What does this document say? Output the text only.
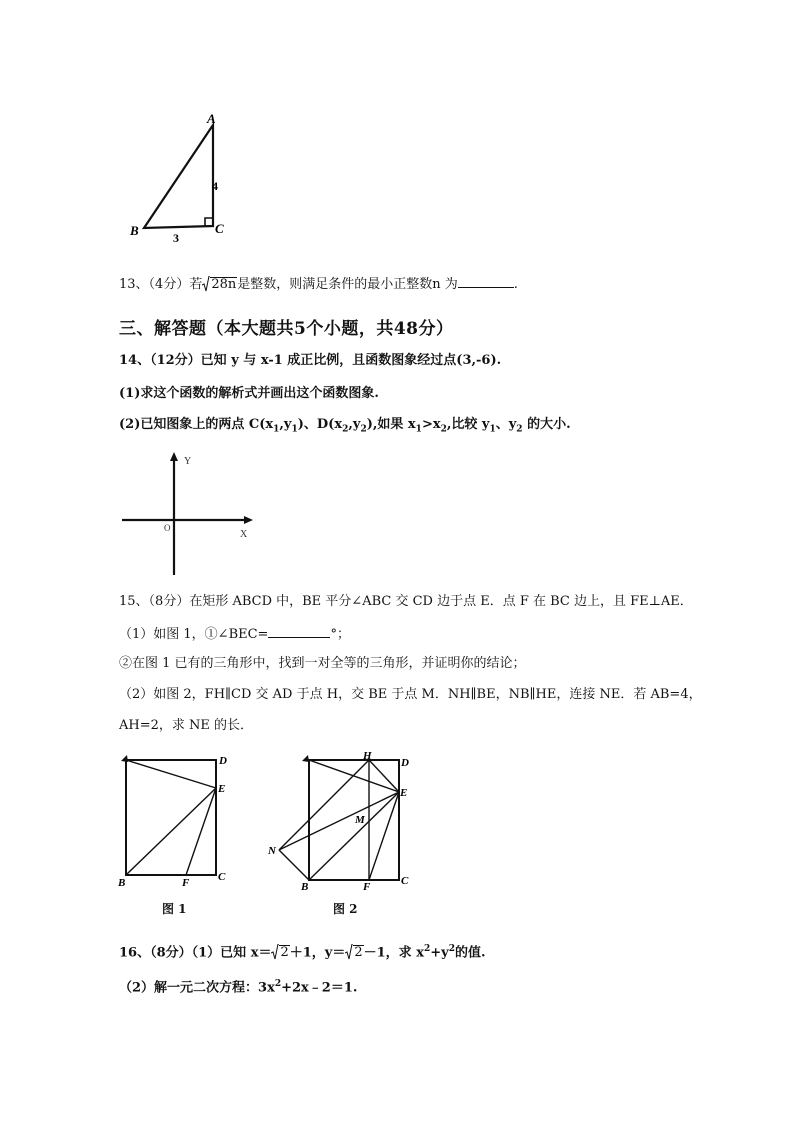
A
B	C
4
3
13、（4分）若 28n是整数，则满足条件的最小正整数n 为	.
三、解答题（本大题共5个小题，共48分）
14、（12分）已知 y 与 x-1 成正比例，且函数图象经过点(3,-6).
(1)求这个函数的解析式并画出这个函数图象.
(2)已知图象上的两点 $C(x_1,y_1)$、$D(x_2,y_2)$,如果 $x_1>x_2$,比较 $y_1$、$y_2$ 的大小.
Y
X
O
15、（8分）在矩形 ABCD 中，BE 平分∠ABC 交 CD 边于点 E．点 F 在 BC 边上，且 FE⊥AE．
（1）如图 1，①∠BEC=	°；
②在图 1 已有的三角形中，找到一对全等的三角形，并证明你的结论；
（2）如图 2，FH∥CD 交 AD 于点 H，交 BE 于点 M．NH∥BE，NB∥HE，连接 NE．若 AB=4，
AH=2，求 NE 的长．
D
E
B	F	C
图 1
H
D
E
M
N
B	F	C
图 2
16、（8分）（1）已知 x＝ 2＋1，y＝ 2－1，求 $x^2+y^2$的值.
（2）解一元二次方程：$3x^2+2x﹣2=1$.
